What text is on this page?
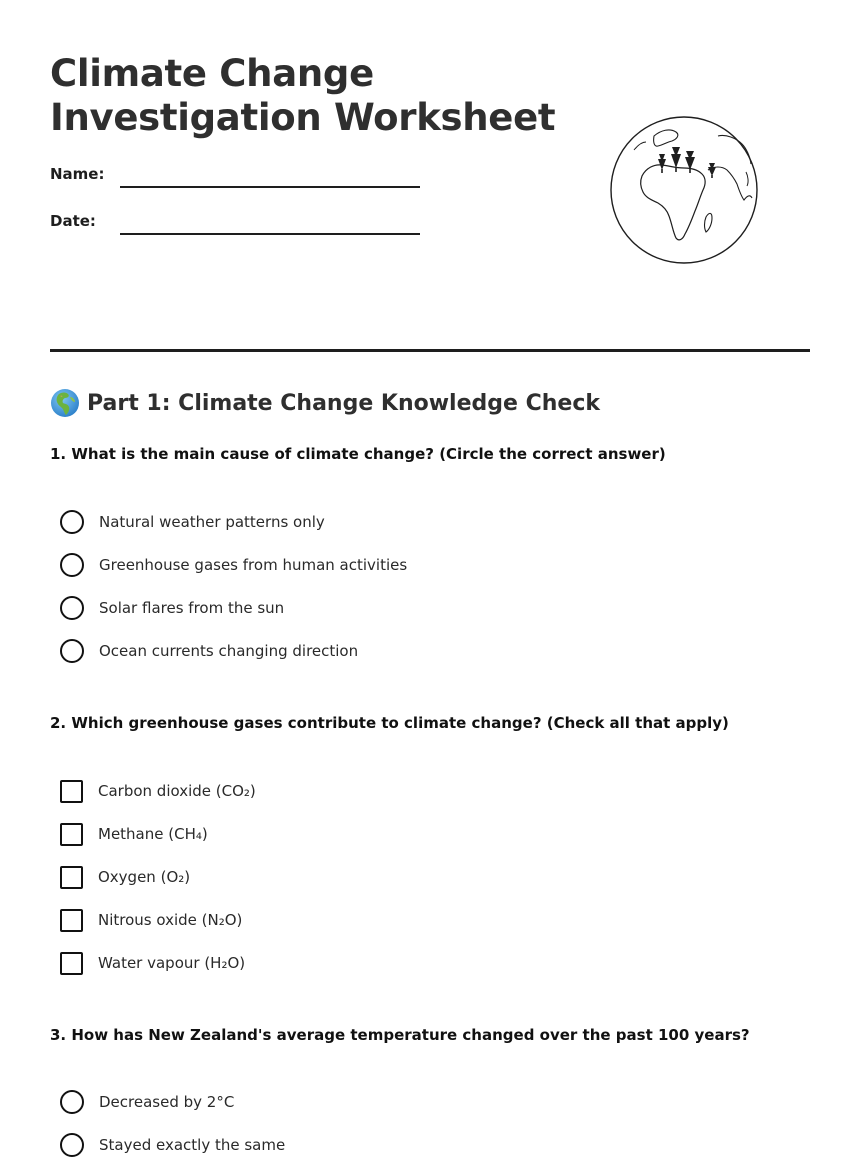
Climate Change
Investigation Worksheet
Name:
Date:
Part 1: Climate Change Knowledge Check
1. What is the main cause of climate change? (Circle the correct answer)
Natural weather patterns only
Greenhouse gases from human activities
Solar flares from the sun
Ocean currents changing direction
2. Which greenhouse gases contribute to climate change? (Check all that apply)
Carbon dioxide (CO₂)
Methane (CH₄)
Oxygen (O₂)
Nitrous oxide (N₂O)
Water vapour (H₂O)
3. How has New Zealand's average temperature changed over the past 100 years?
Decreased by 2°C
Stayed exactly the same
